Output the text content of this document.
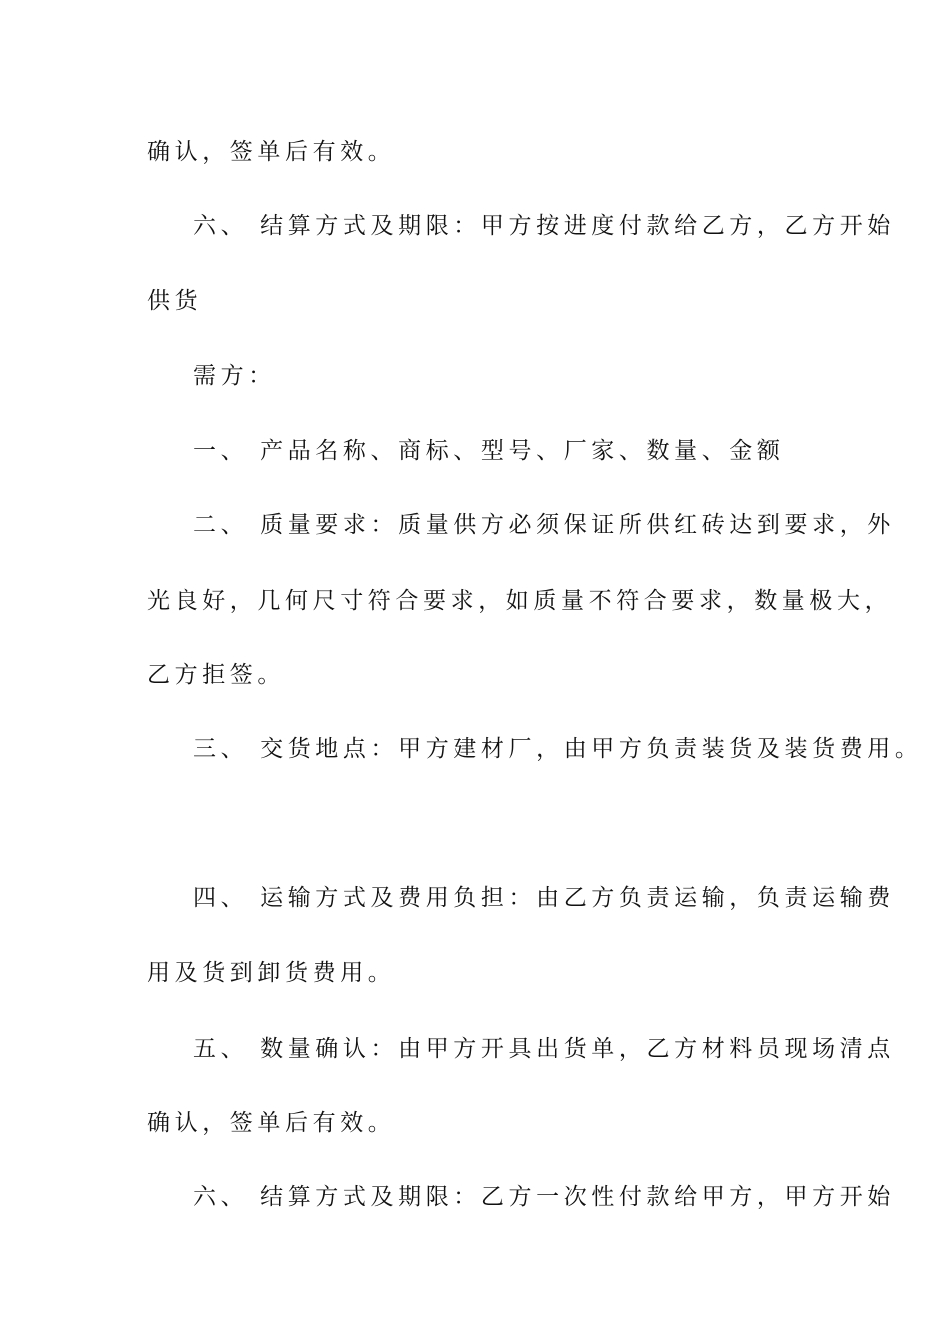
确认，签单后有效。
六、 结算方式及期限：甲方按进度付款给乙方，乙方开始
供货
需方：
一、 产品名称、商标、型号、厂家、数量、金额
二、 质量要求：质量供方必须保证所供红砖达到要求，外
光良好，几何尺寸符合要求，如质量不符合要求，数量极大，
乙方拒签。
三、 交货地点：甲方建材厂，由甲方负责装货及装货费用。
四、 运输方式及费用负担：由乙方负责运输，负责运输费
用及货到卸货费用。
五、 数量确认：由甲方开具出货单，乙方材料员现场清点
确认，签单后有效。
六、 结算方式及期限：乙方一次性付款给甲方，甲方开始
